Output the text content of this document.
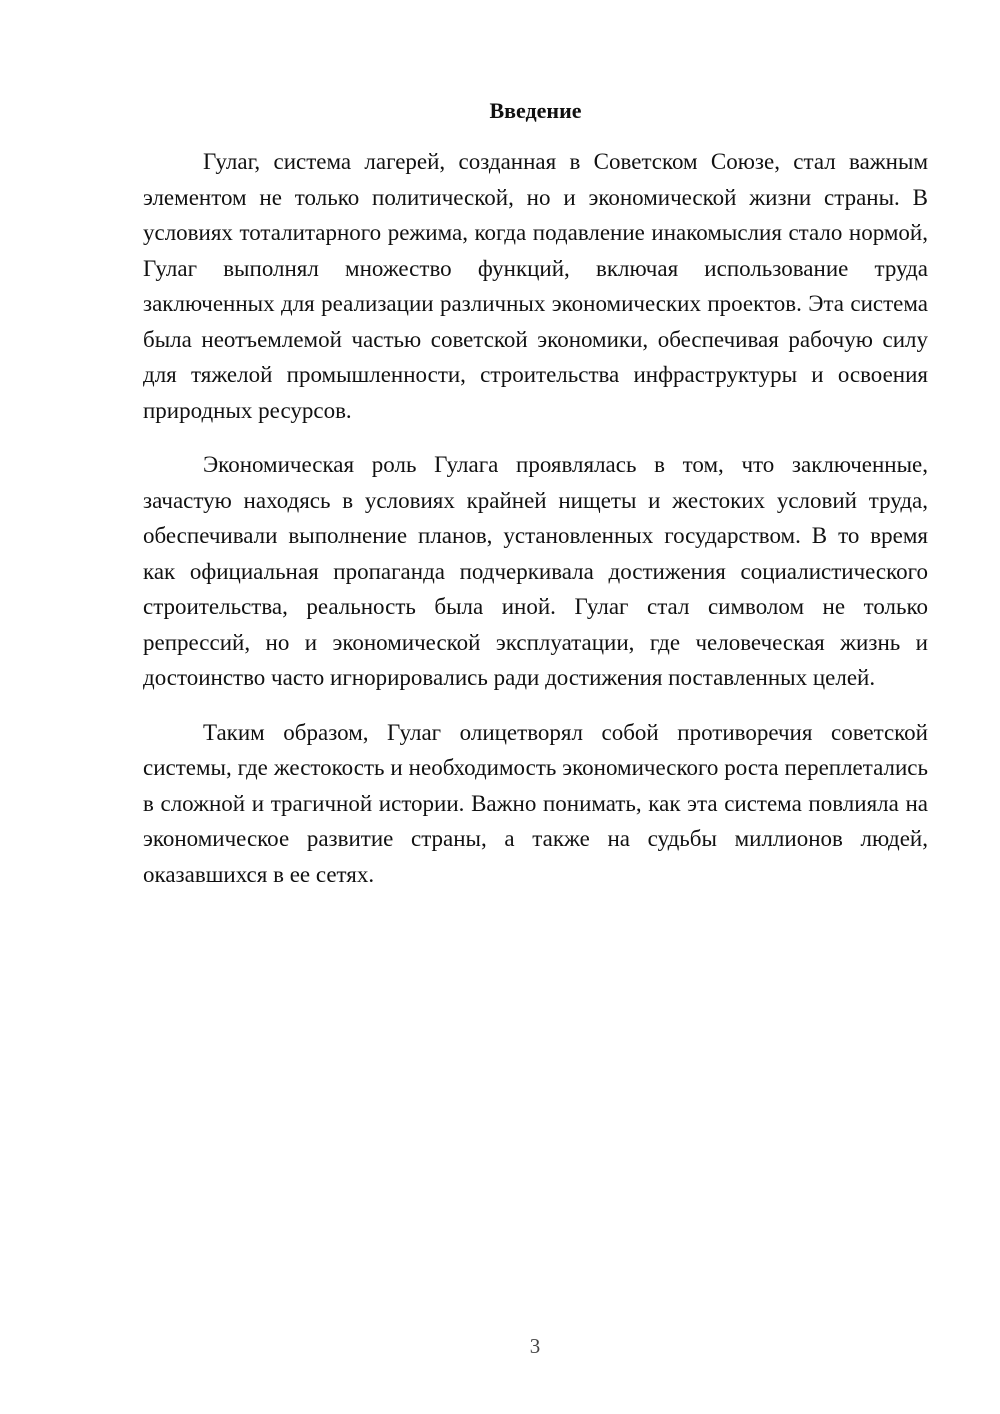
Введение

Гулаг, система лагерей, созданная в Советском Союзе, стал важным элементом не только политической, но и экономической жизни страны. В условиях тоталитарного режима, когда подавление инакомыслия стало нормой, Гулаг выполнял множество функций, включая использование труда заключенных для реализации различных экономических проектов. Эта система была неотъемлемой частью советской экономики, обеспечивая рабочую силу для тяжелой промышленности, строительства инфраструктуры и освоения природных ресурсов.

Экономическая роль Гулага проявлялась в том, что заключенные, зачастую находясь в условиях крайней нищеты и жестоких условий труда, обеспечивали выполнение планов, установленных государством. В то время как официальная пропаганда подчеркивала достижения социалистического строительства, реальность была иной. Гулаг стал символом не только репрессий, но и экономической эксплуатации, где человеческая жизнь и достоинство часто игнорировались ради достижения поставленных целей.

Таким образом, Гулаг олицетворял собой противоречия советской системы, где жестокость и необходимость экономического роста переплетались в сложной и трагичной истории. Важно понимать, как эта система повлияла на экономическое развитие страны, а также на судьбы миллионов людей, оказавшихся в ее сетях.

3
